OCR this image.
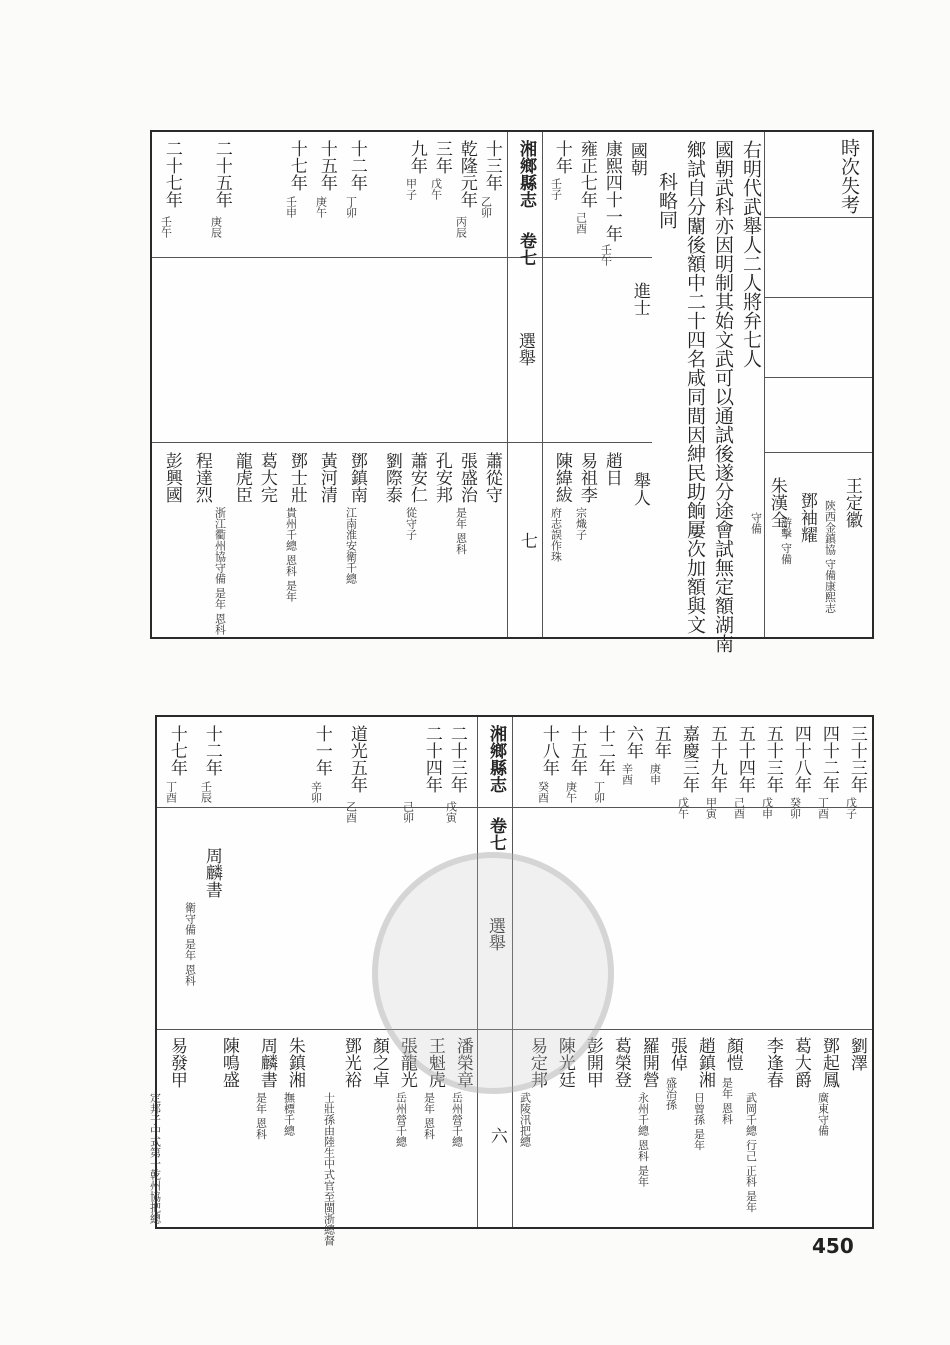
時次失考
王定徽
陝西金鎮協 守備康熙志
鄧袖耀
游擊 守備
朱漢全
守備
右明代武舉人二人將弁七人
國朝武科亦因明制其始文武可以通試後遂分途會試無定額湖南
鄉試自分闈後額中二十四名咸同間因紳民助餉屢次加額與文
科略同
國朝
進士
舉人
康熙四十一年
壬午
雍正七年
己酉
十年
壬子
湘鄉縣志
卷七
選舉
七
十三年
乙卯
乾隆元年
丙辰
三年
戊午
九年
甲子
十二年
丁卯
十五年
庚午
十七年
壬申
二十五年
庚辰
二十七年
壬午
趙日
易祖李
宗熾子
陳緯紱
府志誤作珠
蕭從守
張盛治
是年 恩科
孔安邦
蕭安仁
從守子
劉際泰
鄧鎮南
江南淮安衛千總
黃河清
鄧士壯
貴州千總 恩科 是年
葛大完
龍虎臣
浙江衢州協守備 是年 恩科
程達烈
彭興國
三十三年
戊子
四十二年
丁酉
四十八年
癸卯
五十三年
戊申
五十四年
己酉
五十九年
甲寅
嘉慶三年
戊午
五年
庚申
六年
辛酉
十二年
丁卯
十五年
庚午
十八年
癸酉
湘鄉縣志
卷七
選舉
六
二十三年
戊寅
二十四年
己卯
道光五年
乙酉
十一年
辛卯
十二年
壬辰
十七年
丁酉
周麟書
衛守備 是年 恩科
劉澤
鄧起鳳
廣東守備
葛大爵
李逢春
武岡千總 行己 正科 是年
顏愷
是年 恩科
趙鎮湘
日曾孫 是年
張倬
盛治孫
羅開營
永州千總 恩科 是年
葛榮登
彭開甲
陳光廷
易定邦
武陵汛把總
潘榮章
岳州營千總
王魁虎
是年 恩科
張龍光
岳州營千總
顏之卓
鄧光裕
士壯孫由陸生中式官至閩浙總督
朱鎮湘
撫標千總
周麟書
是年 恩科
陳鳴盛
易發甲
定邦子中式第一乾州協把總
450
